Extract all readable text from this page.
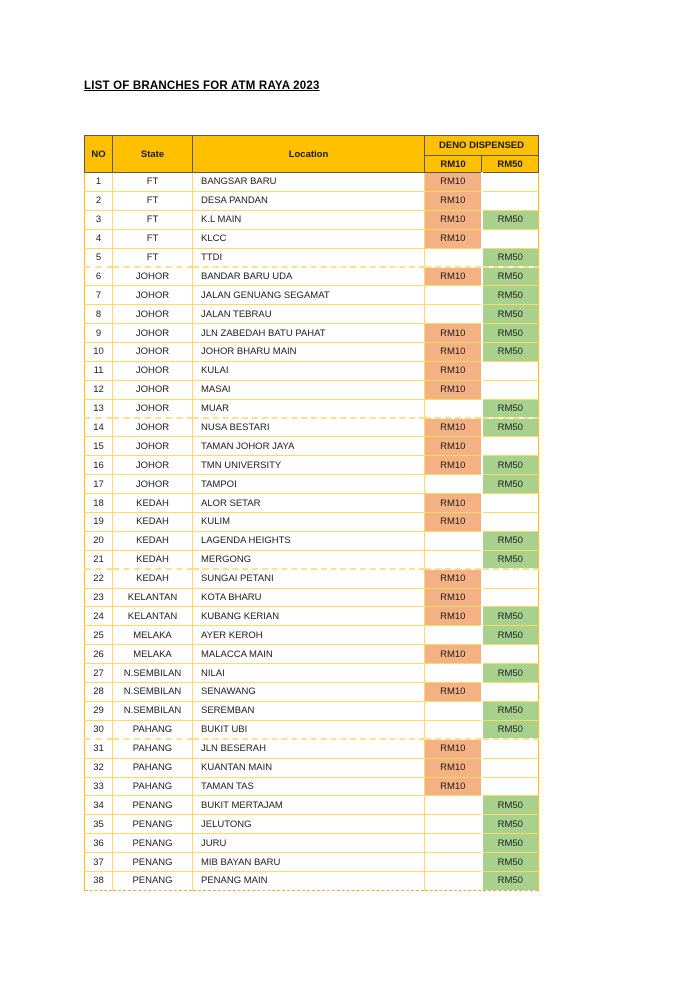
LIST OF BRANCHES FOR ATM RAYA 2023
NO	State	Location	DENO DISPENSED	
			RM10	RM50
1	FT	BANGSAR BARU	RM10	
2	FT	DESA PANDAN	RM10	
3	FT	K.L MAIN	RM10	RM50
4	FT	KLCC	RM10	
5	FT	TTDI		RM50
6	JOHOR	BANDAR BARU UDA	RM10	RM50
7	JOHOR	JALAN GENUANG SEGAMAT		RM50
8	JOHOR	JALAN TEBRAU		RM50
9	JOHOR	JLN ZABEDAH BATU PAHAT	RM10	RM50
10	JOHOR	JOHOR BHARU MAIN	RM10	RM50
11	JOHOR	KULAI	RM10	
12	JOHOR	MASAI	RM10	
13	JOHOR	MUAR		RM50
14	JOHOR	NUSA BESTARI	RM10	RM50
15	JOHOR	TAMAN JOHOR JAYA	RM10	
16	JOHOR	TMN UNIVERSITY	RM10	RM50
17	JOHOR	TAMPOI		RM50
18	KEDAH	ALOR SETAR	RM10	
19	KEDAH	KULIM	RM10	
20	KEDAH	LAGENDA HEIGHTS		RM50
21	KEDAH	MERGONG		RM50
22	KEDAH	SUNGAI PETANI	RM10	
23	KELANTAN	KOTA BHARU	RM10	
24	KELANTAN	KUBANG KERIAN	RM10	RM50
25	MELAKA	AYER KEROH		RM50
26	MELAKA	MALACCA MAIN	RM10	
27	N.SEMBILAN	NILAI		RM50
28	N.SEMBILAN	SENAWANG	RM10	
29	N.SEMBILAN	SEREMBAN		RM50
30	PAHANG	BUKIT UBI		RM50
31	PAHANG	JLN BESERAH	RM10	
32	PAHANG	KUANTAN MAIN	RM10	
33	PAHANG	TAMAN TAS	RM10	
34	PENANG	BUKIT MERTAJAM		RM50
35	PENANG	JELUTONG		RM50
36	PENANG	JURU		RM50
37	PENANG	MIB BAYAN BARU		RM50
38	PENANG	PENANG MAIN		RM50
